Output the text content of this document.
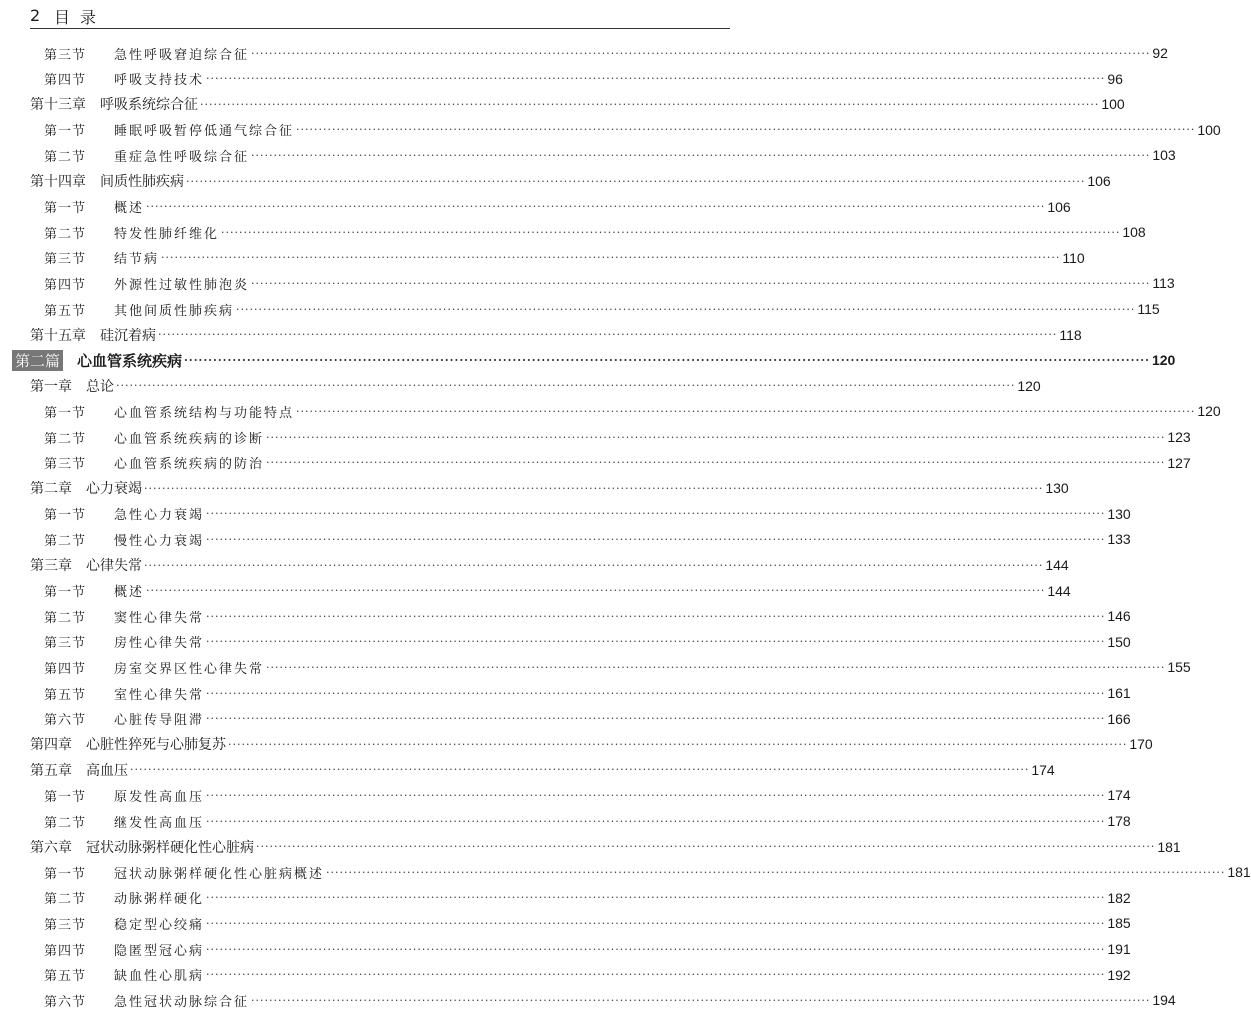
2 目录
第三节	急性呼吸窘迫综合征 ········································································································································································································ 92
第四节	呼吸支持技术 ········································································································································································································ 96
第十三章 呼吸系统综合征 ········································································································································································································ 100
第一节	睡眠呼吸暂停低通气综合征 ········································································································································································································ 100
第二节	重症急性呼吸综合征 ········································································································································································································ 103
第十四章 间质性肺疾病 ········································································································································································································ 106
第一节	概述 ········································································································································································································ 106
第二节	特发性肺纤维化 ········································································································································································································ 108
第三节	结节病 ········································································································································································································ 110
第四节	外源性过敏性肺泡炎 ········································································································································································································ 113
第五节	其他间质性肺疾病 ········································································································································································································ 115
第十五章 硅沉着病 ········································································································································································································ 118
第二篇 心血管系统疾病 ········································································································································································································ 120
第一章 总论 ········································································································································································································ 120
第一节	心血管系统结构与功能特点 ········································································································································································································ 120
第二节	心血管系统疾病的诊断 ········································································································································································································ 123
第三节	心血管系统疾病的防治 ········································································································································································································ 127
第二章 心力衰竭 ········································································································································································································ 130
第一节	急性心力衰竭 ········································································································································································································ 130
第二节	慢性心力衰竭 ········································································································································································································ 133
第三章 心律失常 ········································································································································································································ 144
第一节	概述 ········································································································································································································ 144
第二节	窦性心律失常 ········································································································································································································ 146
第三节	房性心律失常 ········································································································································································································ 150
第四节	房室交界区性心律失常 ········································································································································································································ 155
第五节	室性心律失常 ········································································································································································································ 161
第六节	心脏传导阻滞 ········································································································································································································ 166
第四章 心脏性猝死与心肺复苏 ········································································································································································································ 170
第五章 高血压 ········································································································································································································ 174
第一节	原发性高血压 ········································································································································································································ 174
第二节	继发性高血压 ········································································································································································································ 178
第六章 冠状动脉粥样硬化性心脏病 ········································································································································································································ 181
第一节	冠状动脉粥样硬化性心脏病概述 ········································································································································································································ 181
第二节	动脉粥样硬化 ········································································································································································································ 182
第三节	稳定型心绞痛 ········································································································································································································ 185
第四节	隐匿型冠心病 ········································································································································································································ 191
第五节	缺血性心肌病 ········································································································································································································ 192
第六节	急性冠状动脉综合征 ········································································································································································································ 194
